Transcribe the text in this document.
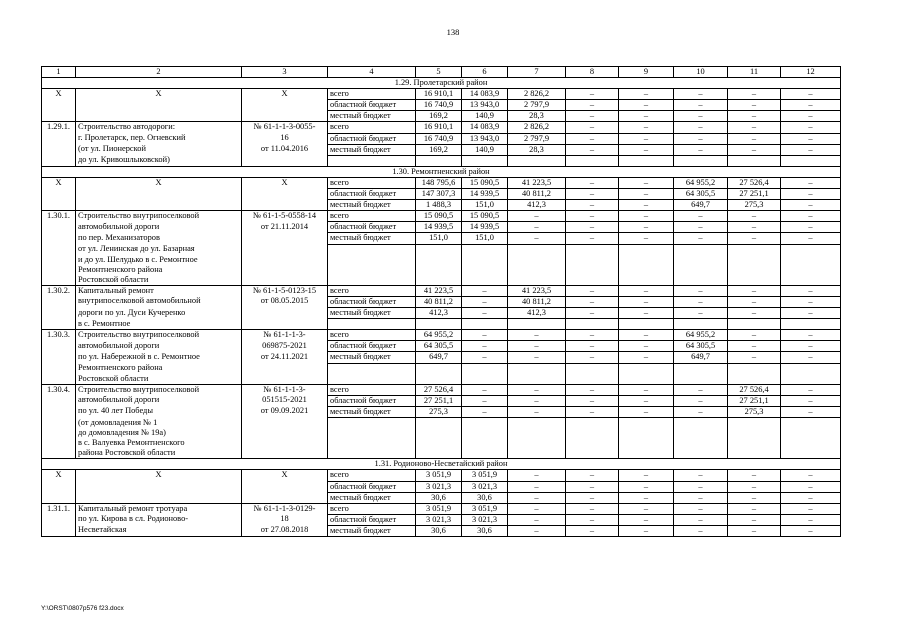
138
1	2	3	4	5	6	7	8	9	10	11	12
1.29. Пролетарский район											
X	X	X	всего	16 910,1	14 083,9	2 826,2	–	–	–	–	–
			областной бюджет	16 740,9	13 943,0	2 797,9	–	–	–	–	–
			местный бюджет	169,2	140,9	28,3	–	–	–	–	–
1.29.1.	Строительство автодороги:	№ 61-1-1-3-0055-	всего	16 910,1	14 083,9	2 826,2	–	–	–	–	–
	г. Пролетарск, пер. Огневский	16	областной бюджет	16 740,9	13 943,0	2 797,9	–	–	–	–	–
	(от ул. Пионерской	от 11.04.2016	местный бюджет	169,2	140,9	28,3	–	–	–	–	–
	до ул. Кривошлыковской)										
1.30. Ремонтненский район											
X	X	X	всего	148 795,6	15 090,5	41 223,5	–	–	64 955,2	27 526,4	–
			областной бюджет	147 307,3	14 939,5	40 811,2	–	–	64 305,5	27 251,1	–
			местный бюджет	1 488,3	151,0	412,3	–	–	649,7	275,3	–
1.30.1.	Строительство внутрипоселковой	№ 61-1-5-0558-14	всего	15 090,5	15 090,5	–	–	–	–	–	–
	автомобильной дороги	от 21.11.2014	областной бюджет	14 939,5	14 939,5	–	–	–	–	–	–
	по пер. Механизаторов		местный бюджет	151,0	151,0	–	–	–	–	–	–
	от ул. Ленинская до ул. Базарная										
	и до ул. Шелудько в с. Ремонтное										
	Ремонтненского района										
	Ростовской области										
1.30.2.	Капитальный ремонт	№ 61-1-5-0123-15	всего	41 223,5	–	41 223,5	–	–	–	–	–
	внутрипоселковой автомобильной	от 08.05.2015	областной бюджет	40 811,2	–	40 811,2	–	–	–	–	–
	дороги по ул. Дуси Кучеренко		местный бюджет	412,3	–	412,3	–	–	–	–	–
	в с. Ремонтное										
1.30.3.	Строительство внутрипоселковой	№ 61-1-1-3-	всего	64 955,2	–	–	–	–	64 955,2	–	–
	автомобильной дороги	069875-2021	областной бюджет	64 305,5	–	–	–	–	64 305,5	–	–
	по ул. Набережной в с. Ремонтное	от 24.11.2021	местный бюджет	649,7	–	–	–	–	649,7	–	–
	Ремонтненского района										
	Ростовской области										
1.30.4.	Строительство внутрипоселковой	№ 61-1-1-3-	всего	27 526,4	–	–	–	–	–	27 526,4	–
	автомобильной дороги	051515-2021	областной бюджет	27 251,1	–	–	–	–	–	27 251,1	–
	по ул. 40 лет Победы	от 09.09.2021	местный бюджет	275,3	–	–	–	–	–	275,3	–
	(от домовладения № 1										
	до домовладения № 19а)										
	в с. Валуевка Ремонтненского										
	района Ростовской области										
1.31. Родионово-Несветайский район											
X	X	X	всего	3 051,9	3 051,9	–	–	–	–	–	–
			областной бюджет	3 021,3	3 021,3	–	–	–	–	–	–
			местный бюджет	30,6	30,6	–	–	–	–	–	–
1.31.1.	Капитальный ремонт тротуара	№ 61-1-1-3-0129-	всего	3 051,9	3 051,9	–	–	–	–	–	–
	по ул. Кирова в сл. Родионово-	18	областной бюджет	3 021,3	3 021,3	–	–	–	–	–	–
	Несветайская	от 27.08.2018	местный бюджет	30,6	30,6	–	–	–	–	–	–
Y:\ORST\0807p576 f23.docx
